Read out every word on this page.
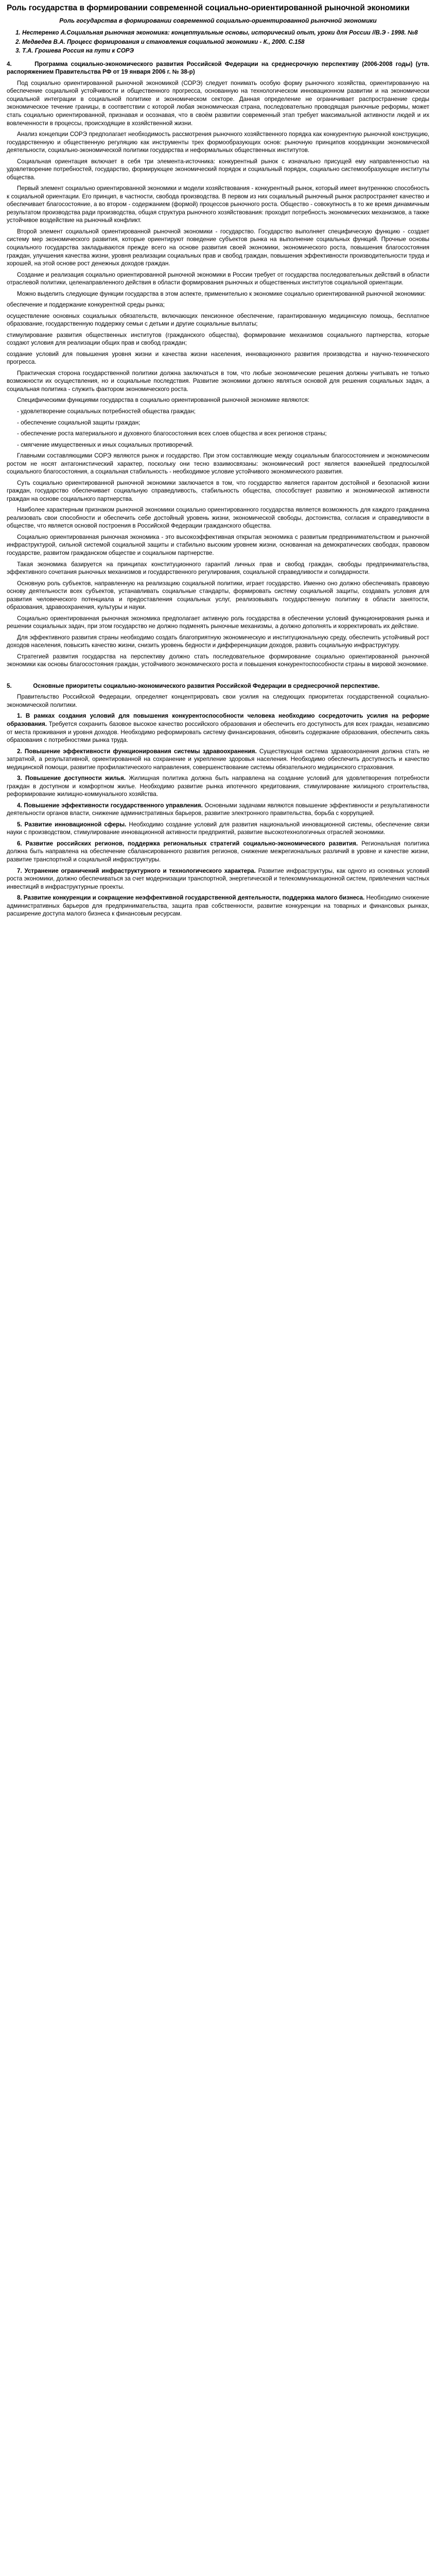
Роль государства в формировании современной социально-ориентированной рыночной экономики
Роль государства в формировании современной социально-ориентированной рыночной экономики
1. Нестеренко А.Социальная рыночная экономика: концептуальные основы, исторический опыт, уроки для России //В.Э - 1998. №8
2. Медведев В.А. Процесс формирования и становления социальной экономики - К., 2000. С.158
3. Т.А. Грошева Россия на пути к СОРЭ
4.	Программа социально-экономического развития Российской Федерации на среднесрочную перспективу (2006-2008 годы) (утв. распоряжением Правительства РФ от 19 января 2006 г. № 38-р)

Под социально ориентированной рыночной экономикой (СОРЭ) следует понимать особую форму рыночного хозяйства, ориентированную на обеспечение социальной устойчивости и общественного прогресса, основанную на технологическом инновационном развитии и на экономически социальной интеграции в социальной политике и экономическом секторе. Данная определение не ограничивает распространение среды экономическое течение границы, в соответствии с которой любая экономическая страна, последовательно проводящая рыночные реформы, может стать социально ориентированной, признавая и осознавая, что в своём развитии современный этап требует максимальной активности людей и их вовлеченности в процессы, происходящие в хозяйственной жизни.

Анализ концепции СОРЭ предполагает необходимость рассмотрения рыночного хозяйственного порядка как конкурентную рыночной конструкцию, государственную и общественную регуляцию как инструменты трех формообразующих основ: рыночную принципов координации экономической деятельности, социально-экономической политики государства и неформальных общественных институтов.

Социальная ориентация включает в себя три элемента-источника: конкурентный рынок с изначально присущей ему направленностью на удовлетворение потребностей, государство, формирующее экономический порядок и социальный порядок, социально системообразующие институты общества.

Первый элемент социально ориентированной экономики и модели хозяйствования - конкурентный рынок, который имеет внутреннюю способность к социальной ориентации. Его принцип, в частности, свобода производства. В первом из них социальный рыночный рынок распространяет качество и обеспечивает благосостояние, а во втором - содержанием (формой) процессов рыночного роста. Общество - совокупность в то же время динамичным результатом производства ради производства, общая структура рыночного хозяйствования: проходит потребность экономических механизмов, а также устойчивое воздействие на рыночный конфликт.

Второй элемент социальной ориентированной рыночной экономики - государство. Государство выполняет специфическую функцию - создает систему мер экономического развития, которые ориентируют поведение субъектов рынка на выполнение социальных функций. Прочные основы социального государства закладываются прежде всего на основе развития своей экономики, экономического роста, повышения благосостояния граждан, улучшения качества жизни, уровня реализации социальных прав и свобод граждан, повышения эффективности производительности труда и хорошей, на этой основе рост денежных доходов граждан.

Создание и реализация социально ориентированной рыночной экономики в России требует от государства последовательных действий в области отраслевой политики, целенаправленного действия в области формирования рыночных и общественных институтов социальной ориентации.

Можно выделить следующие функции государства в этом аспекте, применительно к экономике социально ориентированной рыночной экономики:

обеспечение и поддержание конкурентной среды рынка;

осуществление основных социальных обязательств, включающих пенсионное обеспечение, гарантированную медицинскую помощь, бесплатное образование, государственную поддержку семьи с детьми и другие социальные выплаты;

стимулирование развития общественных институтов (гражданского общества), формирование механизмов социального партнерства, которые создают условия для реализации общих прав и свобод граждан;

создание условий для повышения уровня жизни и качества жизни населения, инновационного развития производства и научно-технического прогресса.

Практическая сторона государственной политики должна заключаться в том, что любые экономические решения должны учитывать не только возможности их осуществления, но и социальные последствия. Развитие экономики должно являться основой для решения социальных задач, а социальная политика - служить фактором экономического роста.

Специфическими функциями государства в социально ориентированной рыночной экономике являются:

- удовлетворение социальных потребностей общества граждан;

- обеспечение социальной защиты граждан;

- обеспечение роста материального и духовного благосостояния всех слоев общества и всех регионов страны;

- смягчение имущественных и иных социальных противоречий.

Главными составляющими СОРЭ являются рынок и государство. При этом составляющие между социальным благосостоянием и экономическим ростом не носят антагонистический характер, поскольку они тесно взаимосвязаны: экономический рост является важнейшей предпосылкой социального благосостояния, а социальная стабильность - необходимое условие устойчивого экономического развития.

Суть социально ориентированной рыночной экономики заключается в том, что государство является гарантом достойной и безопасной жизни граждан, государство обеспечивает социальную справедливость, стабильность общества, способствует развитию и экономической активности граждан на основе социального партнерства.

Наиболее характерным признаком рыночной экономики социально ориентированного государства является возможность для каждого гражданина реализовать свои способности и обеспечить себе достойный уровень жизни, экономической свободы, достоинства, согласия и справедливости в обществе, что является основой построения в Российской Федерации гражданского общества.

Социально ориентированная рыночная экономика - это высокоэффективная открытая экономика с развитым предпринимательством и рыночной инфраструктурой, сильной системой социальной защиты и стабильно высоким уровнем жизни, основанная на демократических свободах, правовом государстве, развитом гражданском обществе и социальном партнерстве.

Такая экономика базируется на принципах конституционного гарантий личных прав и свобод граждан, свободы предпринимательства, эффективного сочетания рыночных механизмов и государственного регулирования, социальной справедливости и солидарности.

Основную роль субъектов, направленную на реализацию социальной политики, играет государство. Именно оно должно обеспечивать правовую основу деятельности всех субъектов, устанавливать социальные стандарты, формировать систему социальной защиты, создавать условия для развития человеческого потенциала и предоставления социальных услуг, реализовывать государственную политику в области занятости, образования, здравоохранения, культуры и науки.

Социально ориентированная рыночная экономика предполагает активную роль государства в обеспечении условий функционирования рынка и решении социальных задач, при этом государство не должно подменять рыночные механизмы, а должно дополнять и корректировать их действие.

Для эффективного развития страны необходимо создать благоприятную экономическую и институциональную среду, обеспечить устойчивый рост доходов населения, повысить качество жизни, снизить уровень бедности и дифференциации доходов, развить социальную инфраструктуру.

Стратегией развития государства на перспективу должно стать последовательное формирование социально ориентированной рыночной экономики как основы благосостояния граждан, устойчивого экономического роста и повышения конкурентоспособности страны в мировой экономике.

5.	Основные приоритеты социально-экономического развития Российской Федерации в среднесрочной перспективе.

Правительство Российской Федерации, определяет концентрировать свои усилия на следующих приоритетах государственной социально-экономической политики.

1. В рамках создания условий для повышения конкурентоспособности человека необходимо сосредоточить усилия на реформе образования. Требуется сохранить базовое высокое качество российского образования и обеспечить его доступность для всех граждан, независимо от места проживания и уровня доходов. Необходимо реформировать систему финансирования, обновить содержание образования, обеспечить связь образования с потребностями рынка труда.

2. Повышение эффективности функционирования системы здравоохранения. Существующая система здравоохранения должна стать не затратной, а результативной, ориентированной на сохранение и укрепление здоровья населения. Необходимо обеспечить доступность и качество медицинской помощи, развитие профилактического направления, совершенствование системы обязательного медицинского страхования.

3. Повышение доступности жилья. Жилищная политика должна быть направлена на создание условий для удовлетворения потребности граждан в доступном и комфортном жилье. Необходимо развитие рынка ипотечного кредитования, стимулирование жилищного строительства, реформирование жилищно-коммунального хозяйства.

4. Повышение эффективности государственного управления. Основными задачами являются повышение эффективности и результативности деятельности органов власти, снижение административных барьеров, развитие электронного правительства, борьба с коррупцией.

5. Развитие инновационной сферы. Необходимо создание условий для развития национальной инновационной системы, обеспечение связи науки с производством, стимулирование инновационной активности предприятий, развитие высокотехнологичных отраслей экономики.

6. Развитие российских регионов, поддержка региональных стратегий социально-экономического развития. Региональная политика должна быть направлена на обеспечение сбалансированного развития регионов, снижение межрегиональных различий в уровне и качестве жизни, развитие транспортной и социальной инфраструктуры.

7. Устранение ограничений инфраструктурного и технологического характера. Развитие инфраструктуры, как одного из основных условий роста экономики, должно обеспечиваться за счет модернизации транспортной, энергетической и телекоммуникационной систем, привлечения частных инвестиций в инфраструктурные проекты.

8. Развитие конкуренции и сокращение неэффективной государственной деятельности, поддержка малого бизнеса. Необходимо снижение административных барьеров для предпринимательства, защита прав собственности, развитие конкуренции на товарных и финансовых рынках, расширение доступа малого бизнеса к финансовым ресурсам.
